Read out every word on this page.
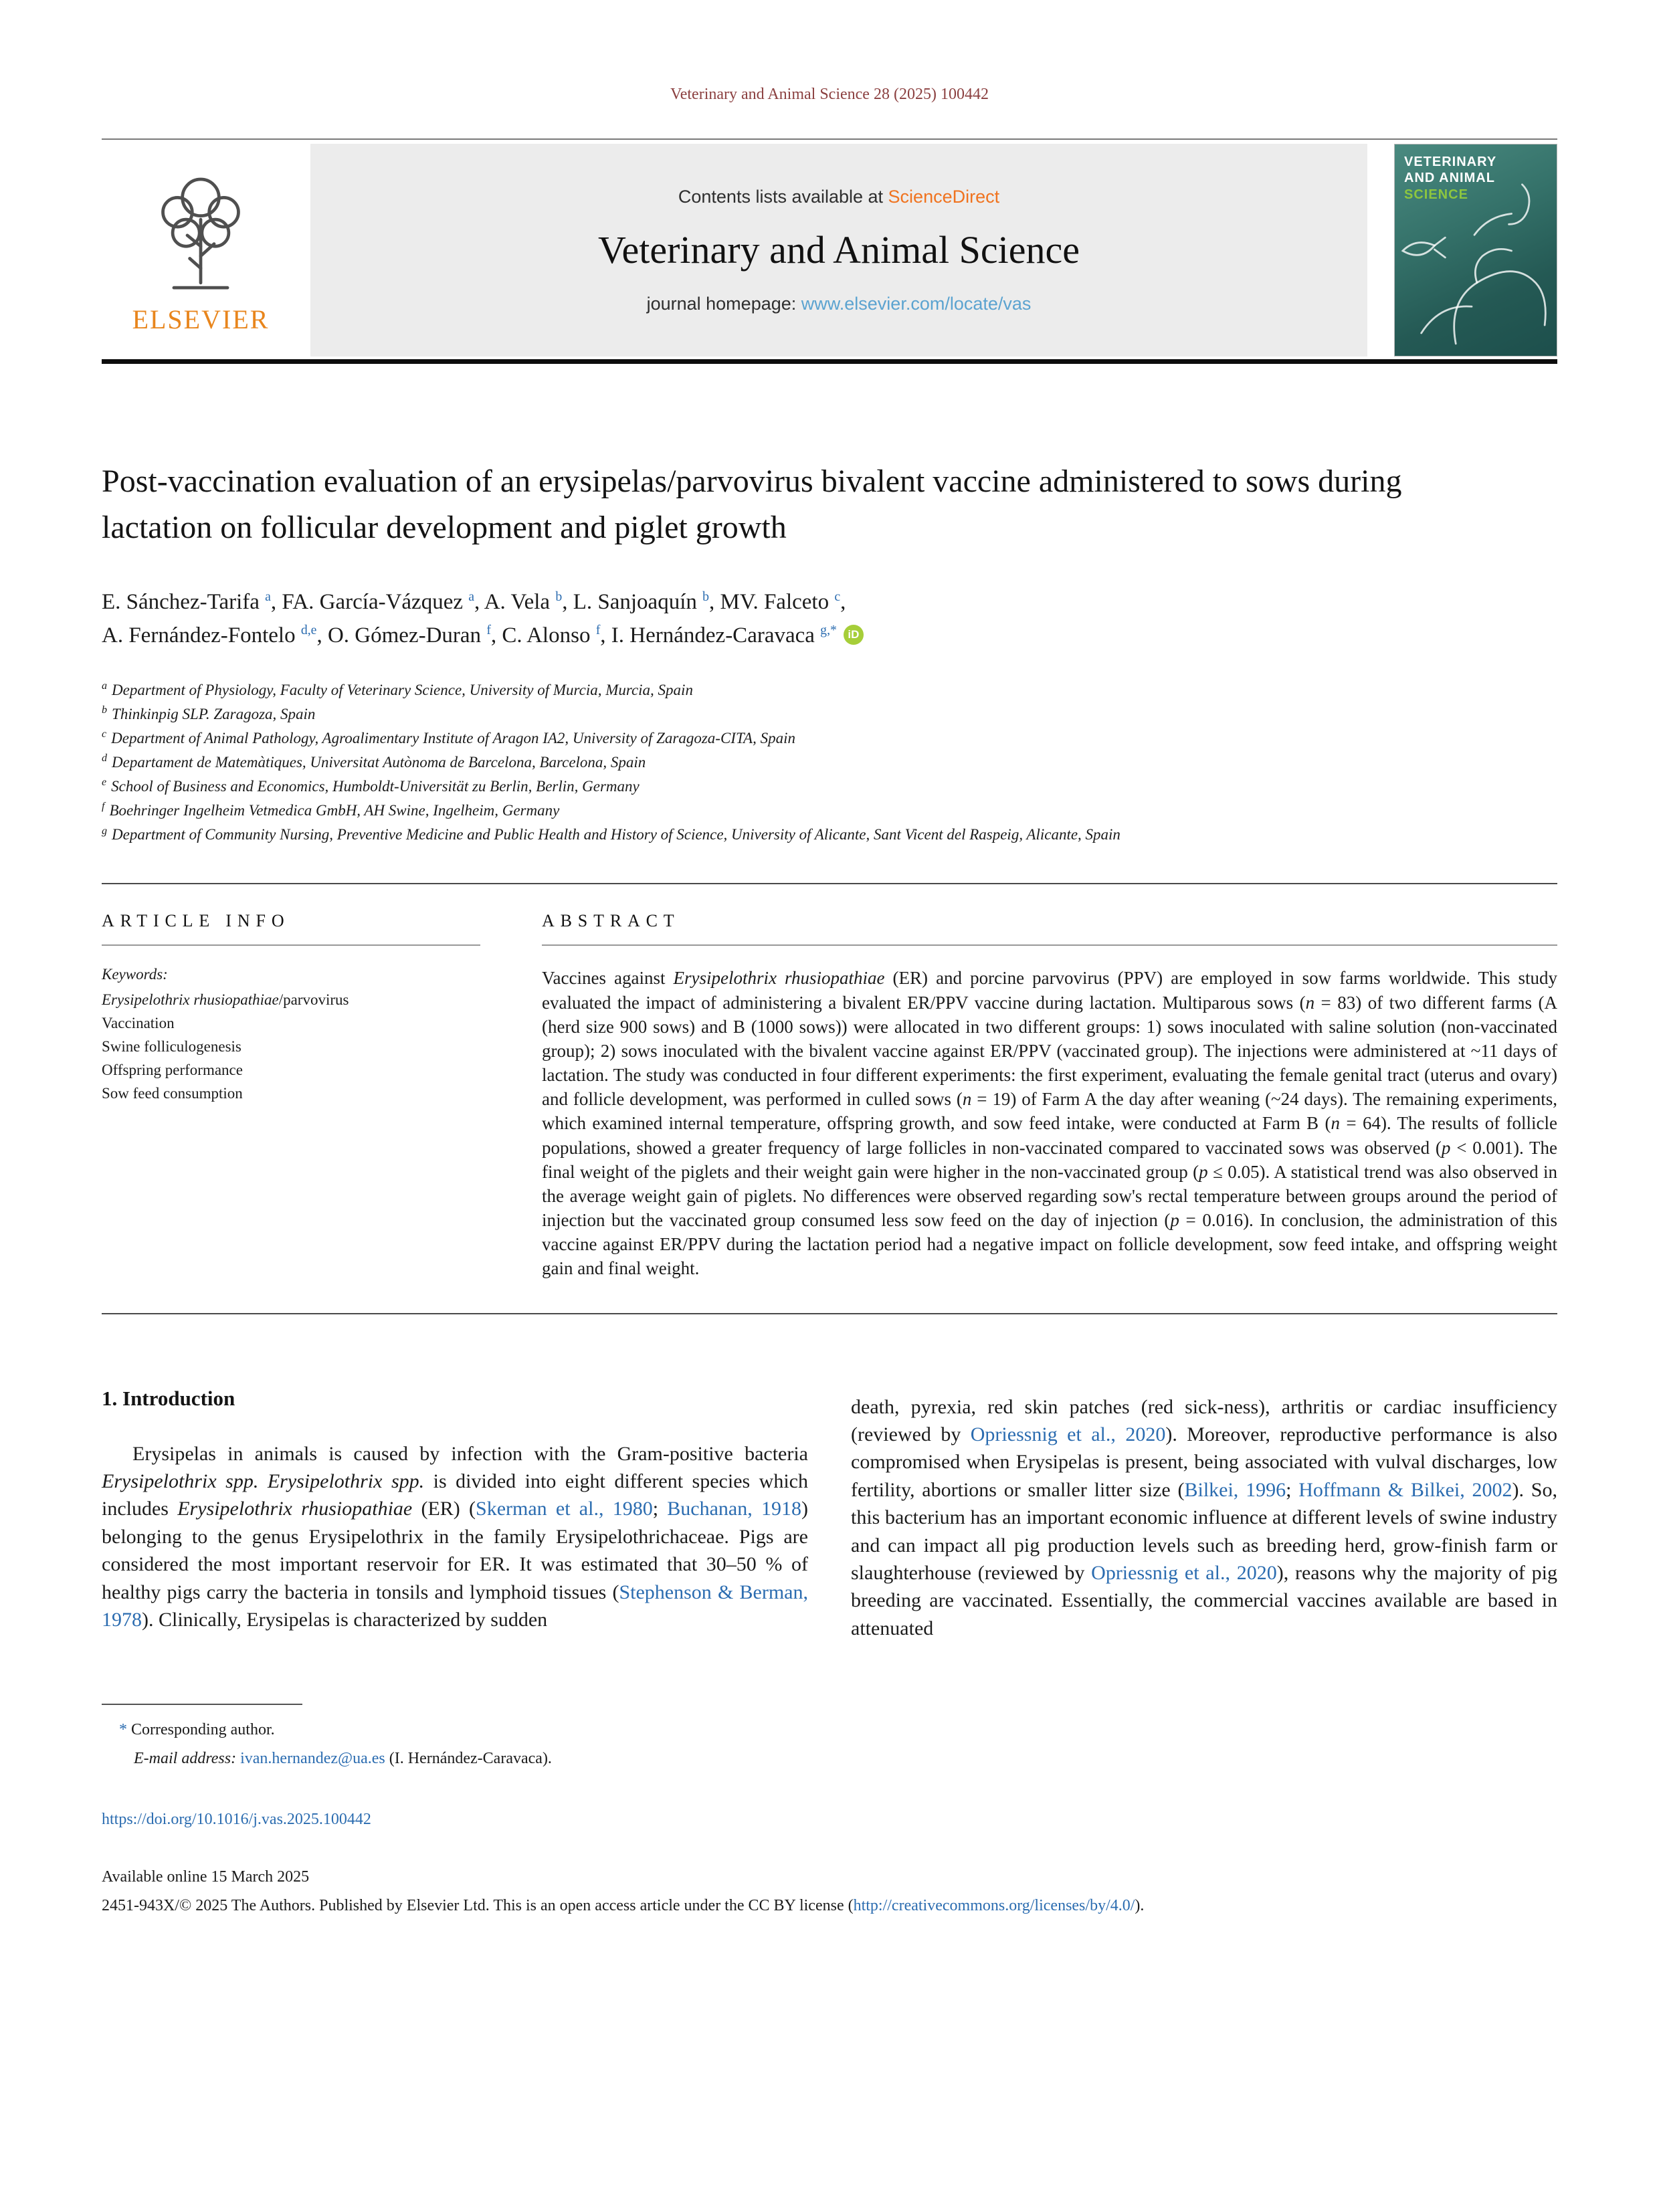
Veterinary and Animal Science 28 (2025) 100442
ELSEVIER
Contents lists available at ScienceDirect
Veterinary and Animal Science
journal homepage: www.elsevier.com/locate/vas
VETERINARY
AND ANIMAL
SCIENCE
Post-vaccination evaluation of an erysipelas/parvovirus bivalent vaccine administered to sows during lactation on follicular development and piglet growth
E. Sánchez-Tarifa $^a$, FA. García-Vázquez $^a$, A. Vela $^b$, L. Sanjoaquín $^b$, MV. Falceto $^c$,
A. Fernández-Fontelo $^{d,e}$, O. Gómez-Duran $^f$, C. Alonso $^f$, I. Hernández-Caravaca $^{g,*}$ iD
$^a$ Department of Physiology, Faculty of Veterinary Science, University of Murcia, Murcia, Spain
$^b$ Thinkinpig SLP. Zaragoza, Spain
$^c$ Department of Animal Pathology, Agroalimentary Institute of Aragon IA2, University of Zaragoza-CITA, Spain
$^d$ Departament de Matemàtiques, Universitat Autònoma de Barcelona, Barcelona, Spain
$^e$ School of Business and Economics, Humboldt-Universität zu Berlin, Berlin, Germany
$^f$ Boehringer Ingelheim Vetmedica GmbH, AH Swine, Ingelheim, Germany
$^g$ Department of Community Nursing, Preventive Medicine and Public Health and History of Science, University of Alicante, Sant Vicent del Raspeig, Alicante, Spain
ARTICLE INFO
Keywords:
Erysipelothrix rhusiopathiae/parvovirus
Vaccination
Swine folliculogenesis
Offspring performance
Sow feed consumption
ABSTRACT

Vaccines against Erysipelothrix rhusiopathiae (ER) and porcine parvovirus (PPV) are employed in sow farms worldwide. This study evaluated the impact of administering a bivalent ER/PPV vaccine during lactation. Multiparous sows (n = 83) of two different farms (A (herd size 900 sows) and B (1000 sows)) were allocated in two different groups: 1) sows inoculated with saline solution (non-vaccinated group); 2) sows inoculated with the bivalent vaccine against ER/PPV (vaccinated group). The injections were administered at ~11 days of lactation. The study was conducted in four different experiments: the first experiment, evaluating the female genital tract (uterus and ovary) and follicle development, was performed in culled sows (n = 19) of Farm A the day after weaning (~24 days). The remaining experiments, which examined internal temperature, offspring growth, and sow feed intake, were conducted at Farm B (n = 64). The results of follicle populations, showed a greater frequency of large follicles in non-vaccinated compared to vaccinated sows was observed (p < 0.001). The final weight of the piglets and their weight gain were higher in the non-vaccinated group (p ≤ 0.05). A statistical trend was also observed in the average weight gain of piglets. No differences were observed regarding sow's rectal temperature between groups around the period of injection but the vaccinated group consumed less sow feed on the day of injection (p = 0.016). In conclusion, the administration of this vaccine against ER/PPV during the lactation period had a negative impact on follicle development, sow feed intake, and offspring weight gain and final weight.

1. Introduction

Erysipelas in animals is caused by infection with the Gram-positive bacteria Erysipelothrix spp. Erysipelothrix spp. is divided into eight different species which includes Erysipelothrix rhusiopathiae (ER) (Skerman et al., 1980; Buchanan, 1918) belonging to the genus Erysipelothrix in the family Erysipelothrichaceae. Pigs are considered the most important reservoir for ER. It was estimated that 30–50 % of healthy pigs carry the bacteria in tonsils and lymphoid tissues (Stephenson & Berman, 1978). Clinically, Erysipelas is characterized by sudden

death, pyrexia, red skin patches (red sick-ness), arthritis or cardiac insufficiency (reviewed by Opriessnig et al., 2020). Moreover, reproductive performance is also compromised when Erysipelas is present, being associated with vulval discharges, low fertility, abortions or smaller litter size (Bilkei, 1996; Hoffmann & Bilkei, 2002). So, this bacterium has an important economic influence at different levels of swine industry and can impact all pig production levels such as breeding herd, grow-finish farm or slaughterhouse (reviewed by Opriessnig et al., 2020), reasons why the majority of pig breeding are vaccinated. Essentially, the commercial vaccines available are based in attenuated

* Corresponding author.
E-mail address: ivan.hernandez@ua.es (I. Hernández-Caravaca).
https://doi.org/10.1016/j.vas.2025.100442
Available online 15 March 2025
2451-943X/© 2025 The Authors. Published by Elsevier Ltd. This is an open access article under the CC BY license (http://creativecommons.org/licenses/by/4.0/).
